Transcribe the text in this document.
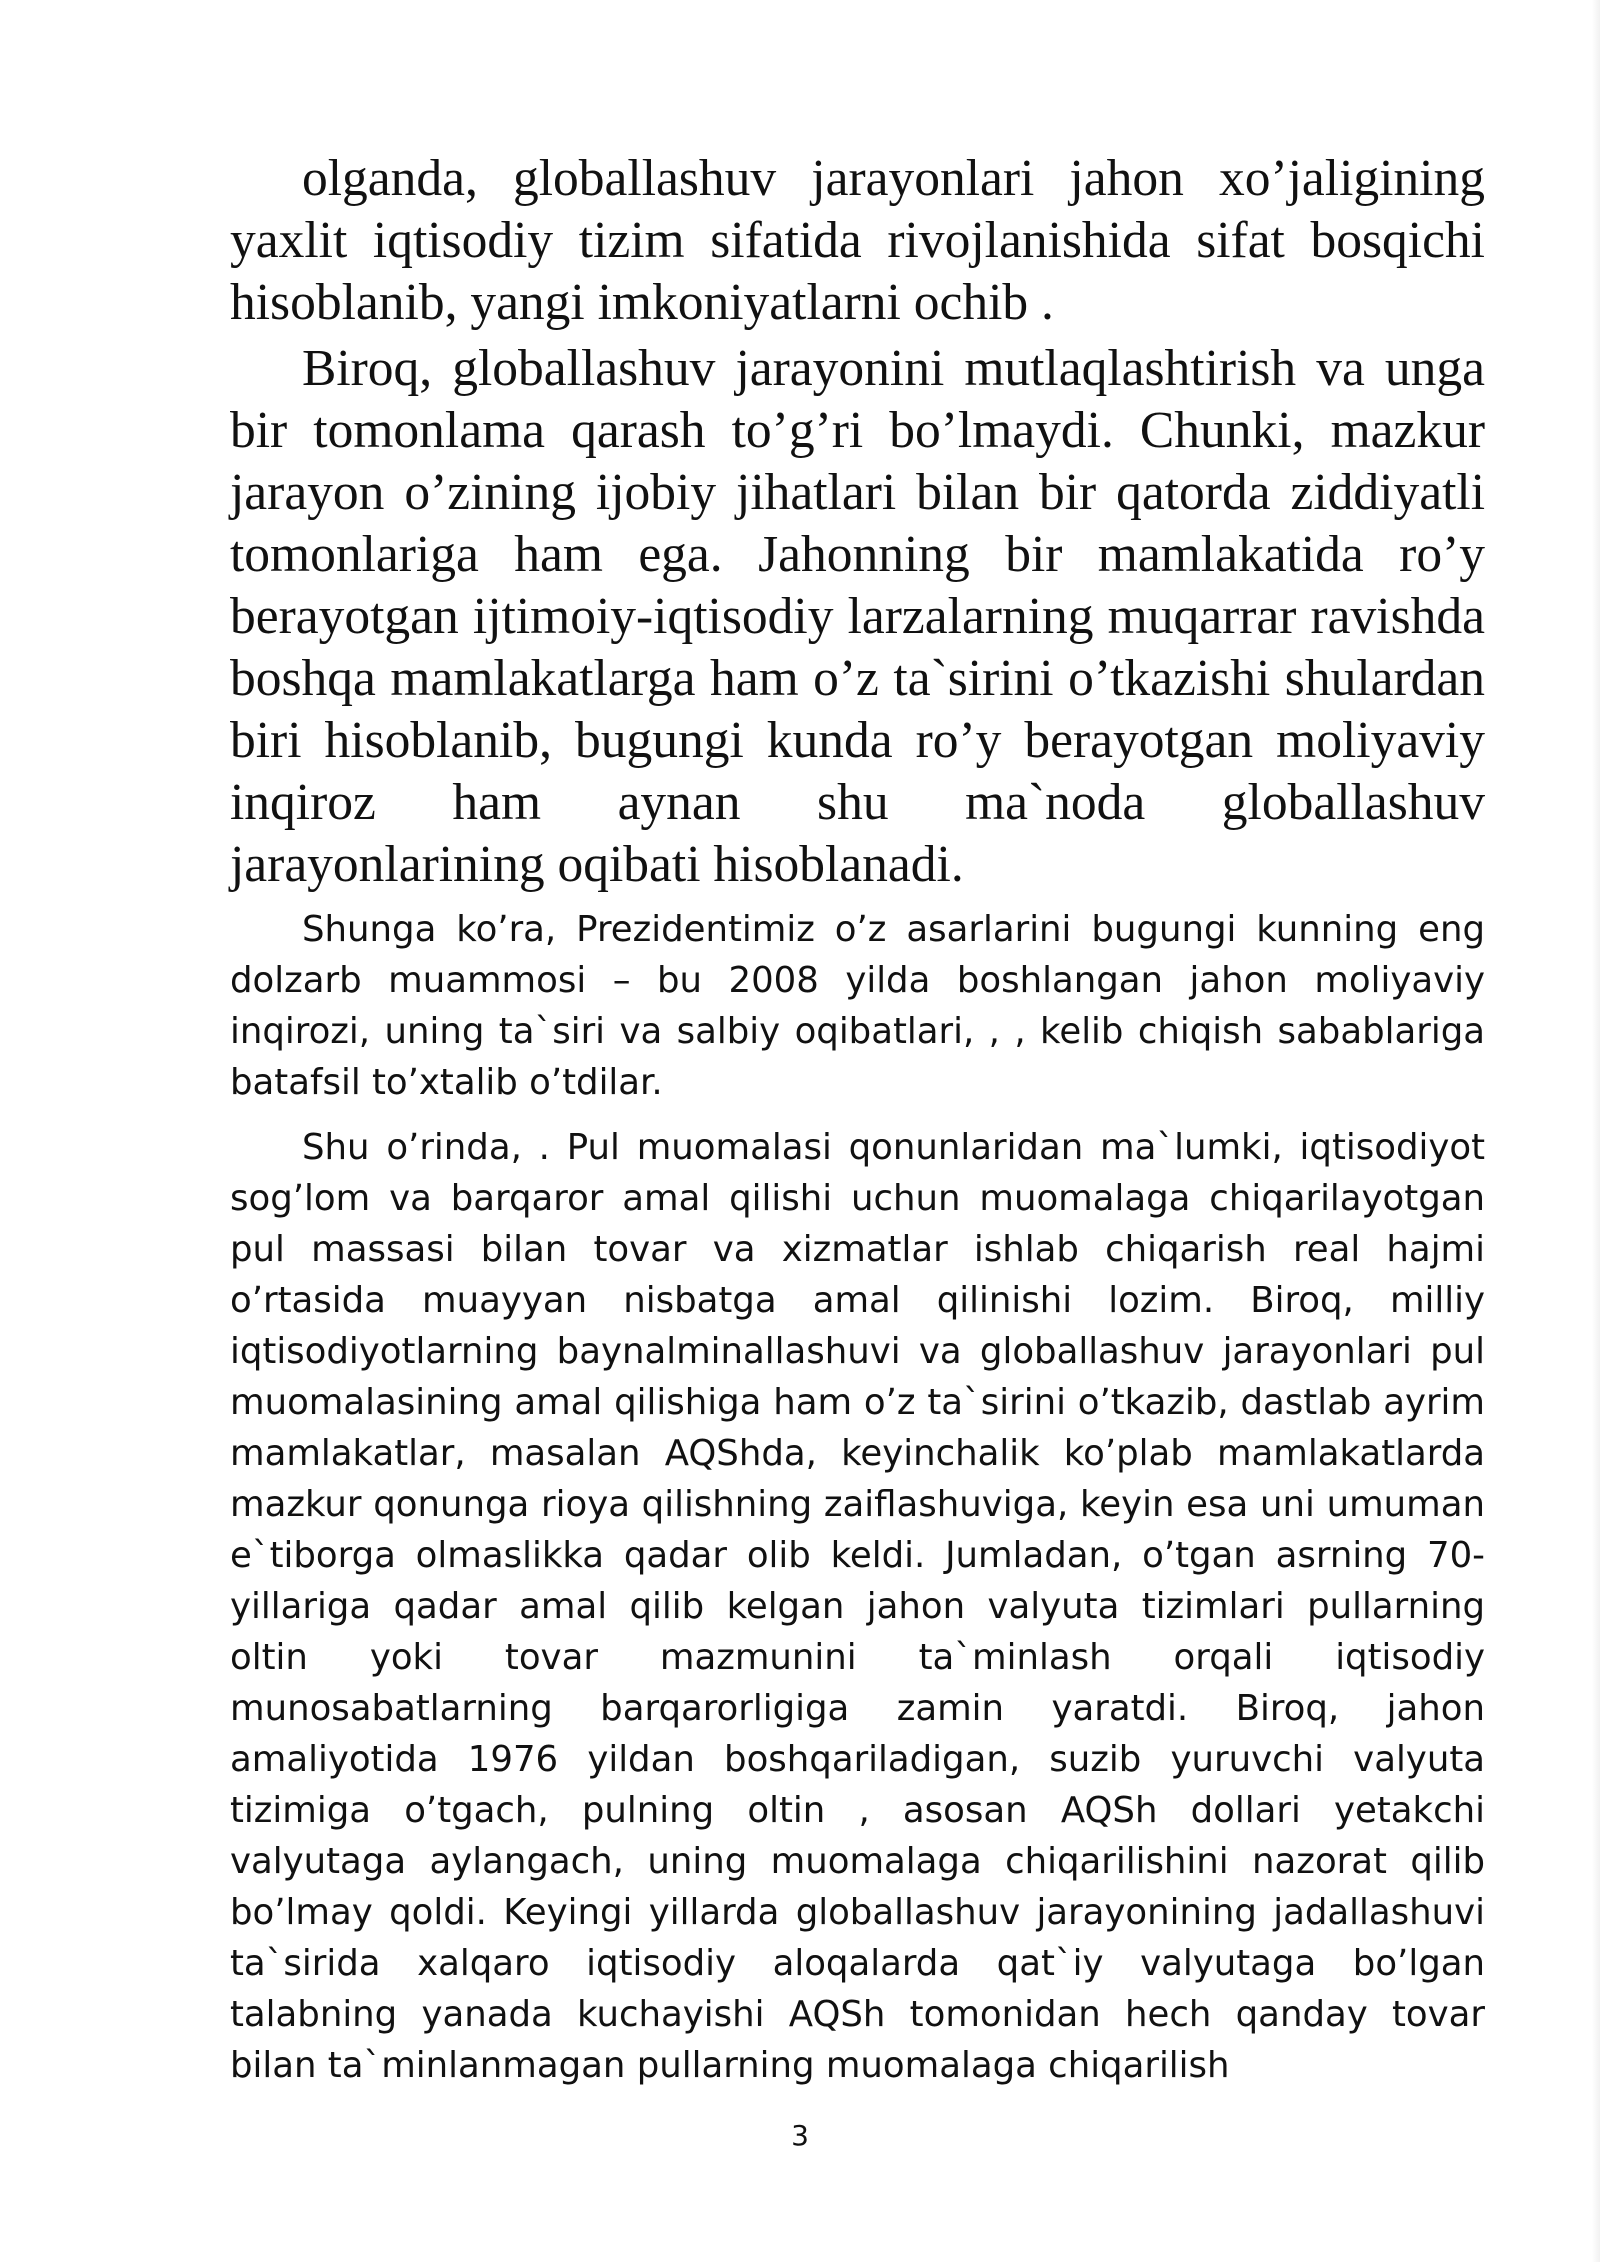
olganda, globallashuv jarayonlari jahon xo’jaligining yaxlit iqtisodiy tizim sifatida rivojlanishida sifat bosqichi hisoblanib, yangi imkoniyatlarni ochib .

Biroq, globallashuv jarayonini mutlaqlashtirish va unga bir tomonlama qarash to’g’ri bo’lmaydi. Chunki, mazkur jarayon o’zining ijobiy jihatlari bilan bir qatorda ziddiyatli tomonlariga ham ega. Jahonning bir mamlakatida ro’y berayotgan ijtimoiy-iqtisodiy larzalarning muqarrar ravishda boshqa mamlakatlarga ham o’z ta`sirini o’tkazishi shulardan biri hisoblanib, bugungi kunda ro’y berayotgan moliyaviy inqiroz ham aynan shu ma`noda globallashuv jarayonlarining oqibati hisoblanadi.

Shunga ko’ra, Prezidentimiz o’z asarlarini bugungi kunning eng dolzarb muammosi – bu 2008 yilda boshlangan jahon moliyaviy inqirozi, uning ta`siri va salbiy oqibatlari, , , kelib chiqish sabablariga batafsil to’xtalib o’tdilar.

Shu o’rinda, . Pul muomalasi qonunlaridan ma`lumki, iqtisodiyot sog’lom va barqaror amal qilishi uchun muomalaga chiqarilayotgan pul massasi bilan tovar va xizmatlar ishlab chiqarish real hajmi o’rtasida muayyan nisbatga amal qilinishi lozim. Biroq, milliy iqtisodiyotlarning baynalminallashuvi va globallashuv jarayonlari pul muomalasining amal qilishiga ham o’z ta`sirini o’tkazib, dastlab ayrim mamlakatlar, masalan AQShda, keyinchalik ko’plab mamlakatlarda mazkur qonunga rioya qilishning zaiflashuviga, keyin esa uni umuman e`tiborga olmaslikka qadar olib keldi. Jumladan, o’tgan asrning 70-yillariga qadar amal qilib kelgan jahon valyuta tizimlari pullarning oltin yoki tovar mazmunini ta`minlash orqali iqtisodiy munosabatlarning barqarorligiga zamin yaratdi. Biroq, jahon amaliyotida 1976 yildan boshqariladigan, suzib yuruvchi valyuta tizimiga o’tgach, pulning oltin , asosan AQSh dollari yetakchi valyutaga aylangach, uning muomalaga chiqarilishini nazorat qilib bo’lmay qoldi. Keyingi yillarda globallashuv jarayonining jadallashuvi ta`sirida xalqaro iqtisodiy aloqalarda qat`iy valyutaga bo’lgan talabning yanada kuchayishi AQSh tomonidan hech qanday tovar bilan ta`minlanmagan pullarning muomalaga chiqarilish

3
